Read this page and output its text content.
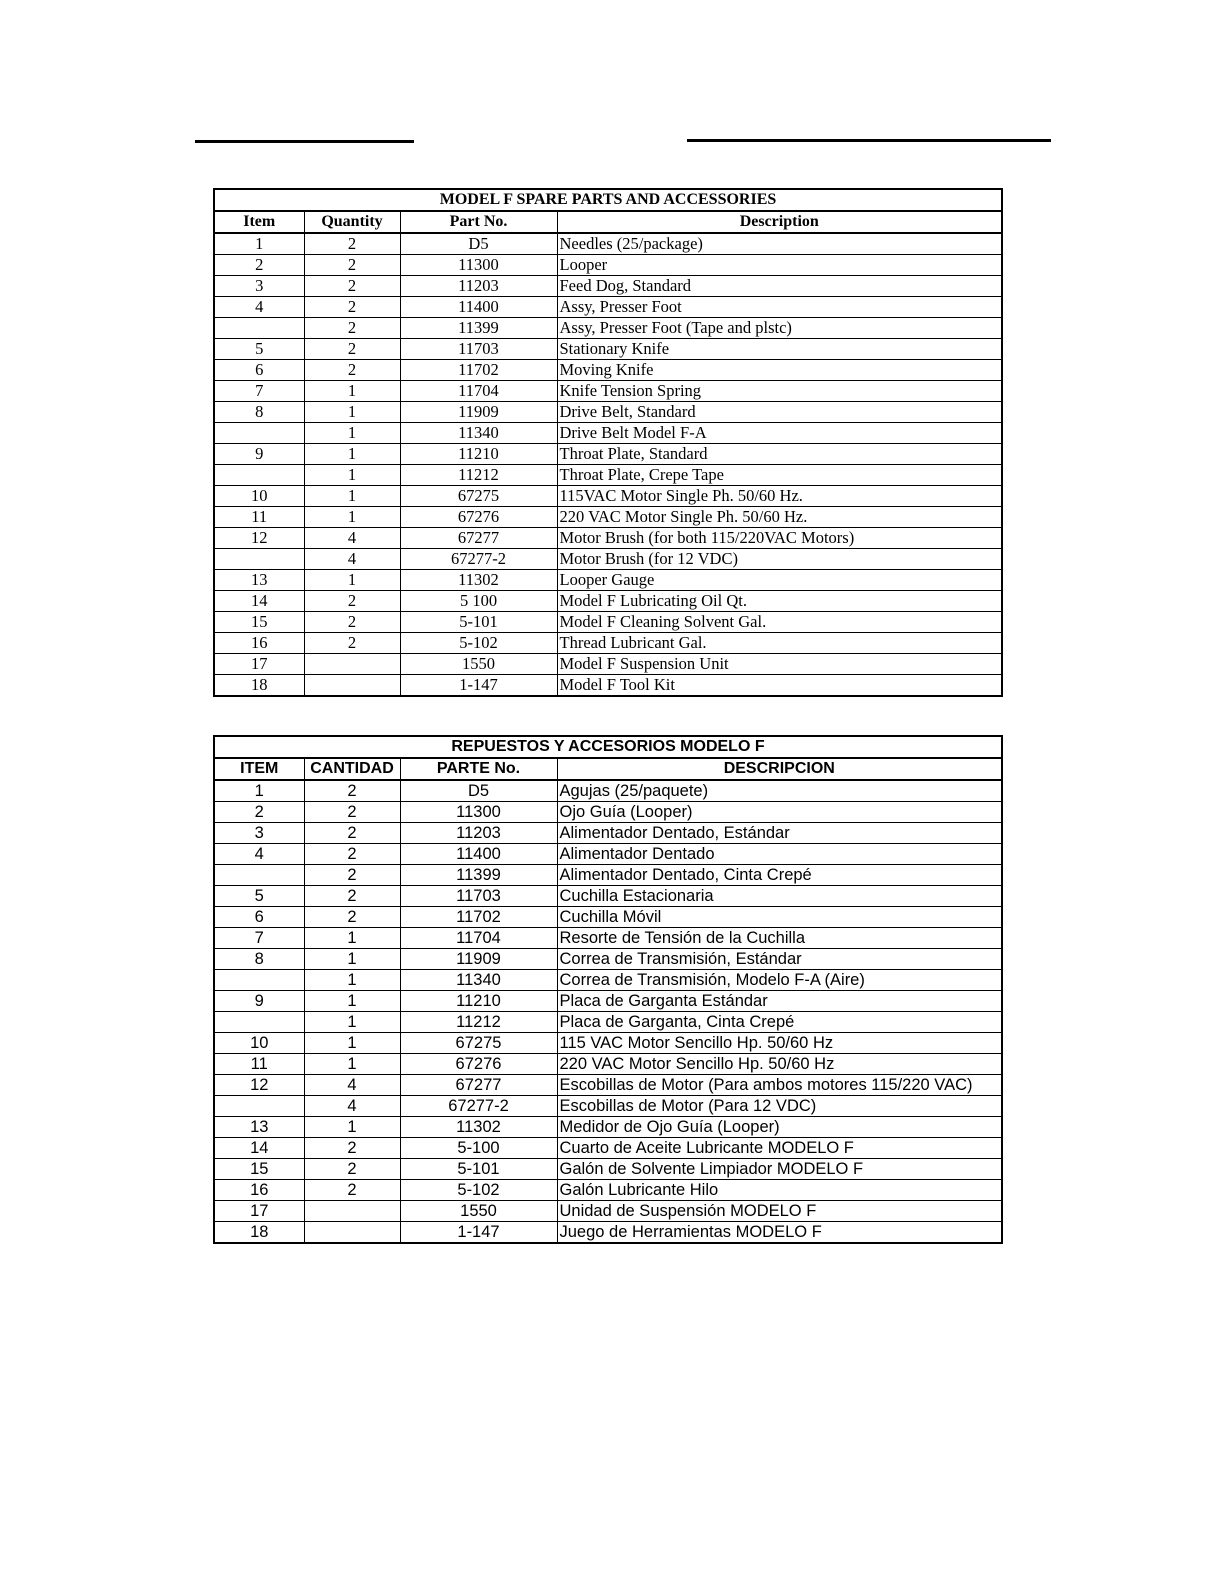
MODEL F SPARE PARTS AND ACCESSORIES			
Item	Quantity	Part No.	Description
1	2	D5	Needles (25/package)
2	2	11300	Looper
3	2	11203	Feed Dog, Standard
4	2	11400	Assy, Presser Foot
	2	11399	Assy, Presser Foot (Tape and plstc)
5	2	11703	Stationary Knife
6	2	11702	Moving Knife
7	1	11704	Knife Tension Spring
8	1	11909	Drive Belt, Standard
	1	11340	Drive Belt Model F-A
9	1	11210	Throat Plate, Standard
	1	11212	Throat Plate, Crepe Tape
10	1	67275	115VAC Motor Single Ph. 50/60 Hz.
11	1	67276	220 VAC Motor Single Ph. 50/60 Hz.
12	4	67277	Motor Brush (for both 115/220VAC Motors)
	4	67277-2	Motor Brush (for 12 VDC)
13	1	11302	Looper Gauge
14	2	5 100	Model F Lubricating Oil Qt.
15	2	5-101	Model F Cleaning Solvent Gal.
16	2	5-102	Thread Lubricant Gal.
17		1550	Model F Suspension Unit
18		1-147	Model F Tool Kit
REPUESTOS Y ACCESORIOS MODELO F			
ITEM	CANTIDAD	PARTE No.	DESCRIPCION
1	2	D5	Agujas (25/paquete)
2	2	11300	Ojo Guía (Looper)
3	2	11203	Alimentador Dentado, Estándar
4	2	11400	Alimentador Dentado
	2	11399	Alimentador Dentado, Cinta Crepé
5	2	11703	Cuchilla Estacionaria
6	2	11702	Cuchilla Móvil
7	1	11704	Resorte de Tensión de la Cuchilla
8	1	11909	Correa de Transmisión, Estándar
	1	11340	Correa de Transmisión, Modelo F-A (Aire)
9	1	11210	Placa de Garganta Estándar
	1	11212	Placa de Garganta, Cinta Crepé
10	1	67275	115 VAC Motor Sencillo Hp. 50/60 Hz
11	1	67276	220 VAC Motor Sencillo Hp. 50/60 Hz
12	4	67277	Escobillas de Motor (Para ambos motores 115/220 VAC)
	4	67277-2	Escobillas de Motor (Para 12 VDC)
13	1	11302	Medidor de Ojo Guía (Looper)
14	2	5-100	Cuarto de Aceite Lubricante MODELO F
15	2	5-101	Galón de Solvente Limpiador MODELO F
16	2	5-102	Galón Lubricante Hilo
17		1550	Unidad de Suspensión MODELO F
18		1-147	Juego de Herramientas MODELO F
